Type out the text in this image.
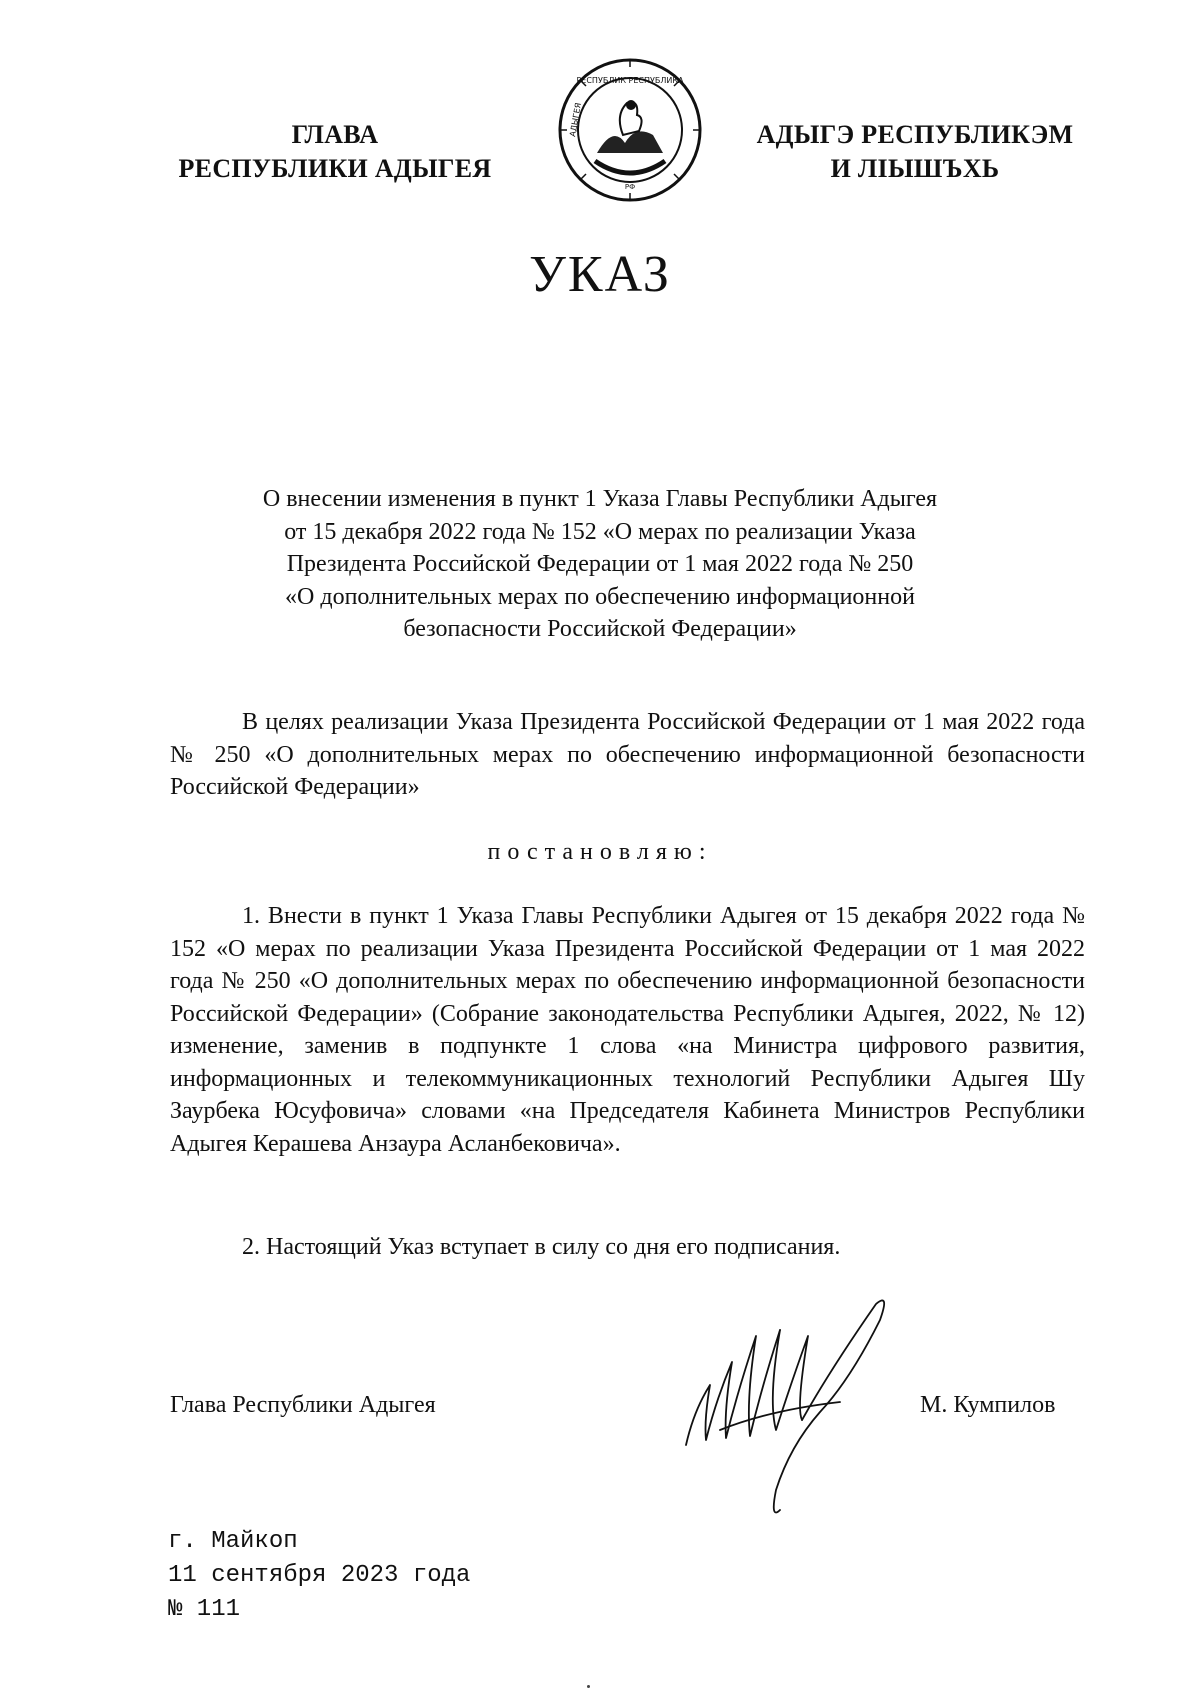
ГЛАВА
РЕСПУБЛИКИ АДЫГЕЯ
РЕСПУБЛИК РЕСПУБЛИКА
АДЫГЕЯ
РФ
АДЫГЭ РЕСПУБЛИКЭМ
И ЛІЫШЪХЬ
УКАЗ
О внесении изменения в пункт 1 Указа Главы Республики Адыгея
от 15 декабря 2022 года № 152 «О мерах по реализации Указа
Президента Российской Федерации от 1 мая 2022 года № 250
«О дополнительных мерах по обеспечению информационной
безопасности Российской Федерации»
В целях реализации Указа Президента Российской Федерации от 1 мая 2022 года № 250 «О дополнительных мерах по обеспечению информационной безопасности Российской Федерации»
постановляю:
1. Внести в пункт 1 Указа Главы Республики Адыгея от 15 декабря 2022 года № 152 «О мерах по реализации Указа Президента Российской Федерации от 1 мая 2022 года № 250 «О дополнительных мерах по обеспечению информационной безопасности Российской Федерации» (Собрание законодательства Республики Адыгея, 2022, № 12) изменение, заменив в подпункте 1 слова «на Министра цифрового развития, информационных и телекоммуникационных технологий Республики Адыгея Шу Заурбека Юсуфовича» словами «на Председателя Кабинета Министров Республики Адыгея Керашева Анзаура Асланбековича».
2. Настоящий Указ вступает в силу со дня его подписания.
Глава Республики Адыгея	М. Кумпилов
г. Майкоп
11 сентября 2023 года
№ 111
